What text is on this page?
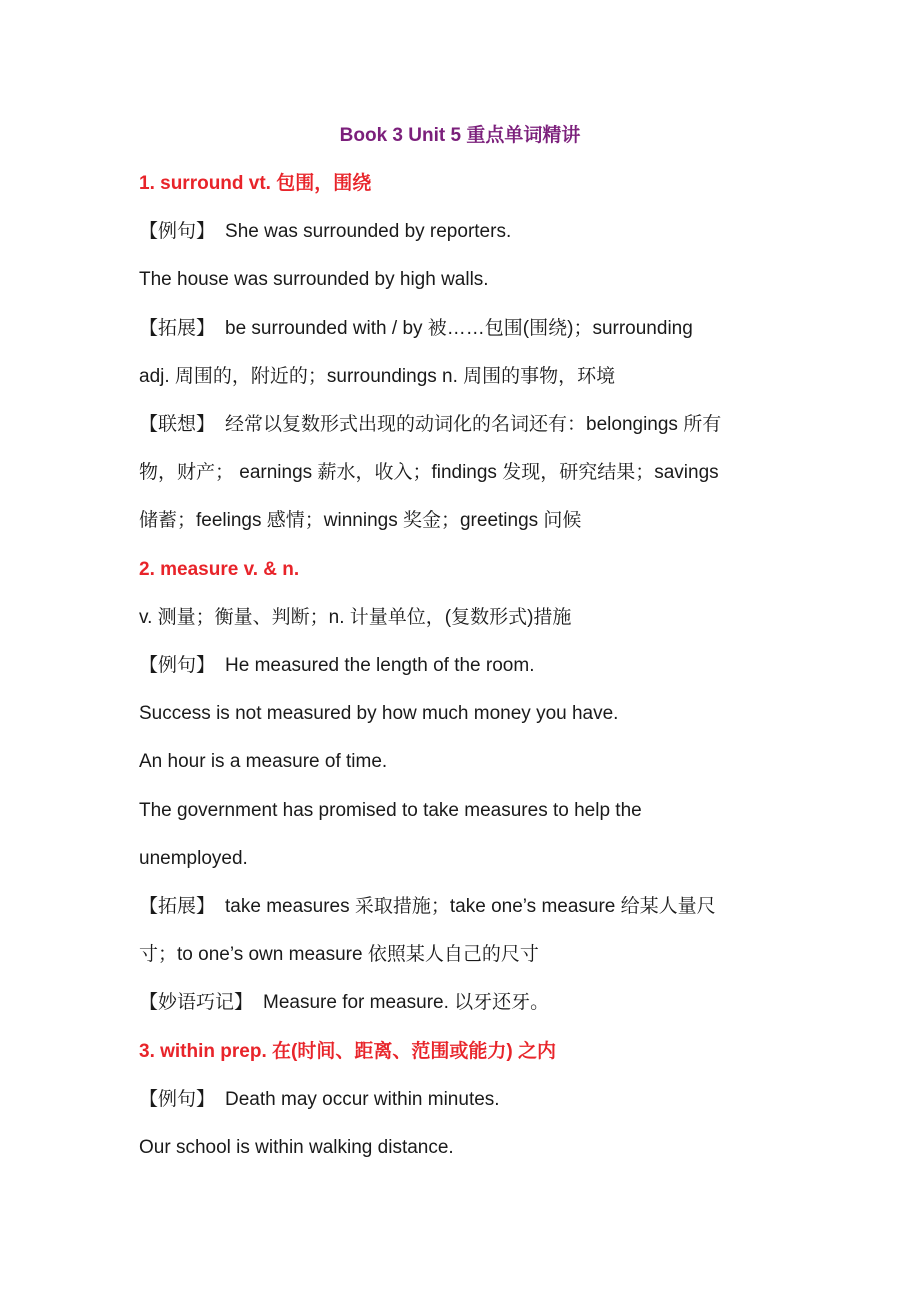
Book 3 Unit 5 重点单词精讲
1. surround vt. 包围，围绕
【例句】 She was surrounded by reporters.
The house was surrounded by high walls.
【拓展】 be surrounded with / by 被……包围(围绕)；surrounding
adj. 周围的，附近的；surroundings n. 周围的事物，环境
【联想】 经常以复数形式出现的动词化的名词还有：belongings 所有
物，财产； earnings 薪水，收入；findings 发现，研究结果；savings
储蓄；feelings 感情；winnings 奖金；greetings 问候
2. measure v. & n.
v. 测量；衡量、判断；n. 计量单位，(复数形式)措施
【例句】 He measured the length of the room.
Success is not measured by how much money you have.
An hour is a measure of time.
The government has promised to take measures to help the
unemployed.
【拓展】 take measures 采取措施；take one’s measure 给某人量尺
寸；to one’s own measure 依照某人自己的尺寸
【妙语巧记】 Measure for measure. 以牙还牙。
3. within prep. 在(时间、距离、范围或能力) 之内
【例句】 Death may occur within minutes.
Our school is within walking distance.
